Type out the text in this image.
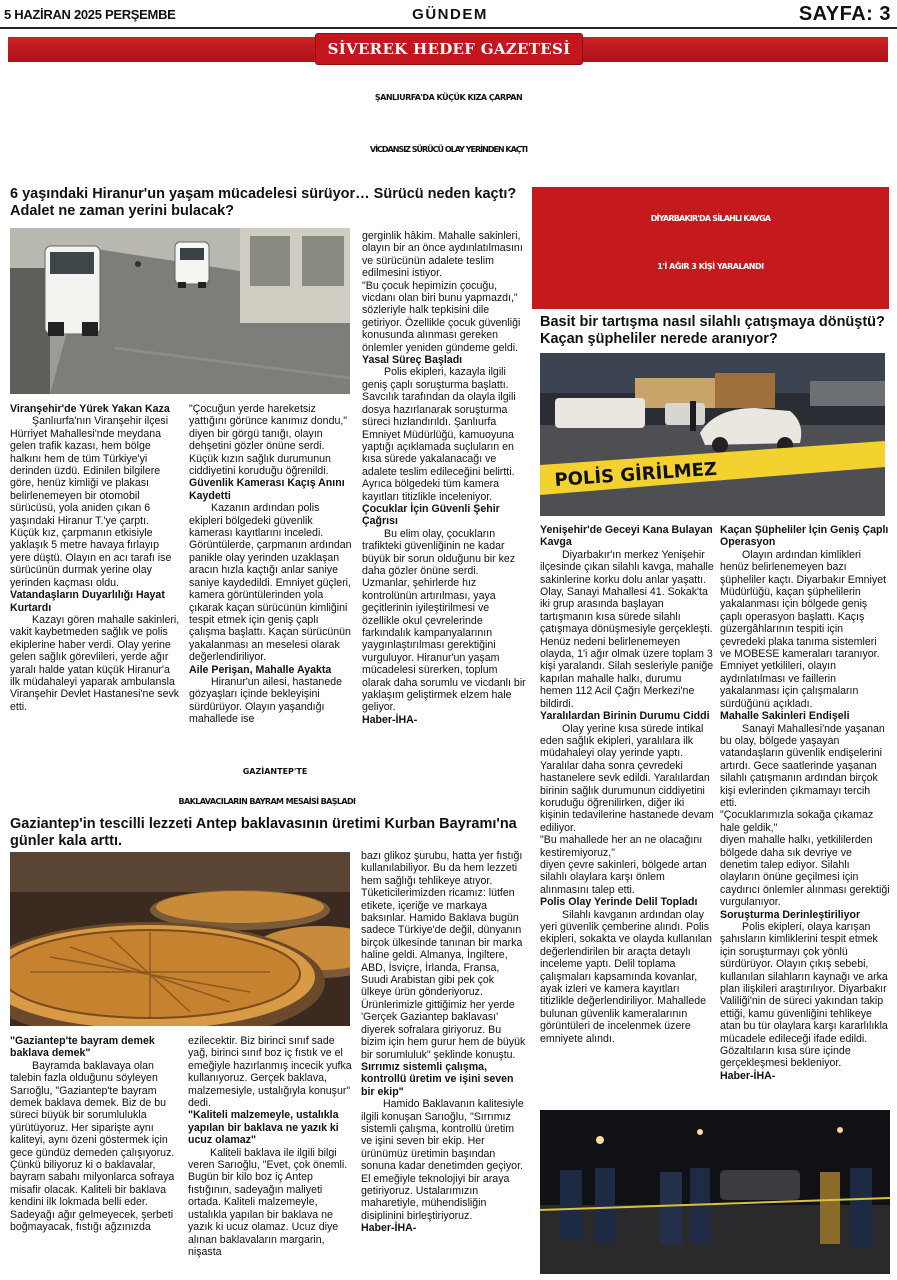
5 HAZİRAN 2025 PERŞEMBE	GÜNDEM	SAYFA: 3
SİVEREK HEDEF GAZETESİ
ŞANLIURFA'DA KÜÇÜK KIZA ÇARPAN
VİCDANSIZ SÜRÜCÜ OLAY YERİNDEN KAÇTI
6 yaşındaki Hiranur'un yaşam mücadelesi sürüyor… Sürücü neden kaçtı? Adalet ne zaman yerini bulacak?

Viranşehir'de Yürek Yakan Kaza

Şanlıurfa'nın Viranşehir ilçesi Hürriyet Mahallesi'nde meydana gelen trafik kazası, hem bölge halkını hem de tüm Türkiye'yi derinden üzdü. Edinilen bilgilere göre, henüz kimliği ve plakası belirlenemeyen bir otomobil sürücüsü, yola aniden çıkan 6 yaşındaki Hiranur T.'ye çarptı. Küçük kız, çarpmanın etkisiyle yaklaşık 5 metre havaya fırlayıp yere düştü. Olayın en acı tarafı ise sürücünün durmak yerine olay yerinden kaçması oldu.

Vatandaşların Duyarlılığı Hayat Kurtardı

Kazayı gören mahalle sakinleri, vakit kaybetmeden sağlık ve polis ekiplerine haber verdi. Olay yerine gelen sağlık görevlileri, yerde ağır yaralı halde yatan küçük Hiranur'a ilk müdahaleyi yaparak ambulansla Viranşehir Devlet Hastanesi'ne sevk etti.

"Çocuğun yerde hareketsiz yattığını görünce kanımız dondu,"

diyen bir görgü tanığı, olayın dehşetini gözler önüne serdi. Küçük kızın sağlık durumunun ciddiyetini koruduğu öğrenildi.

Güvenlik Kamerası Kaçış Anını Kaydetti

Kazanın ardından polis ekipleri bölgedeki güvenlik kamerası kayıtlarını inceledi. Görüntülerde, çarpmanın ardından panikle olay yerinden uzaklaşan aracın hızla kaçtığı anlar saniye saniye kaydedildi. Emniyet güçleri, kamera görüntülerinden yola çıkarak kaçan sürücünün kimliğini tespit etmek için geniş çaplı çalışma başlattı. Kaçan sürücünün yakalanması an meselesi olarak değerlendiriliyor.

Aile Perişan, Mahalle Ayakta

Hiranur'un ailesi, hastanede gözyaşları içinde bekleyişini sürdürüyor. Olayın yaşandığı mahallede ise

gerginlik hâkim. Mahalle sakinleri, olayın bir an önce aydınlatılmasını ve sürücünün adalete teslim edilmesini istiyor.

"Bu çocuk hepimizin çocuğu, vicdanı olan biri bunu yapmazdı,"

sözleriyle halk tepkisini dile getiriyor. Özellikle çocuk güvenliği konusunda alınması gereken önlemler yeniden gündeme geldi.

Yasal Süreç Başladı

Polis ekipleri, kazayla ilgili geniş çaplı soruşturma başlattı. Savcılık tarafından da olayla ilgili dosya hazırlanarak soruşturma süreci hızlandırıldı. Şanlıurfa Emniyet Müdürlüğü, kamuoyuna yaptığı açıklamada suçluların en kısa sürede yakalanacağı ve adalete teslim edileceğini belirtti. Ayrıca bölgedeki tüm kamera kayıtları titizlikle inceleniyor.

Çocuklar İçin Güvenli Şehir Çağrısı

Bu elim olay, çocukların trafikteki güvenliğinin ne kadar büyük bir sorun olduğunu bir kez daha gözler önüne serdi. Uzmanlar, şehirlerde hız kontrolünün artırılması, yaya geçitlerinin iyileştirilmesi ve özellikle okul çevrelerinde farkındalık kampanyalarının yaygınlaştırılması gerektiğini vurguluyor. Hiranur'un yaşam mücadelesi sürerken, toplum olarak daha sorumlu ve vicdanlı bir yaklaşım geliştirmek elzem hale geliyor.

Haber-İHA-

GAZİANTEP'TE
BAKLAVACILARIN BAYRAM MESAİSİ BAŞLADI
Gaziantep'in tescilli lezzeti Antep baklavasının üretimi Kurban Bayramı'na günler kala arttı.

"Gaziantep'te bayram demek baklava demek"

Bayramda baklavaya olan talebin fazla olduğunu söyleyen Sarıoğlu, "Gaziantep'te bayram demek baklava demek. Biz de bu süreci büyük bir sorumlulukla yürütüyoruz. Her siparişte aynı kaliteyi, aynı özeni göstermek için gece gündüz demeden çalışıyoruz. Çünkü biliyoruz ki o baklavalar, bayram sabahı milyonlarca sofraya misafir olacak. Kaliteli bir baklava kendini ilk lokmada belli eder. Sadeyağı ağır gelmeyecek, şerbeti boğmayacak, fıstığı ağzınızda

ezilecektir. Biz birinci sınıf sade yağ, birinci sınıf boz iç fıstık ve el emeğiyle hazırlanmış incecik yufka kullanıyoruz. Gerçek baklava, malzemesiyle, ustalığıyla konuşur" dedi.

"Kaliteli malzemeyle, ustalıkla yapılan bir baklava ne yazık ki ucuz olamaz"

Kaliteli baklava ile ilgili bilgi veren Sarıoğlu, "Evet, çok önemli. Bugün bir kilo boz iç Antep fıstığının, sadeyağın maliyeti ortada. Kaliteli malzemeyle, ustalıkla yapılan bir baklava ne yazık ki ucuz olamaz. Ucuz diye alınan baklavaların margarin, nişasta

bazı glikoz şurubu, hatta yer fıstığı kullanılabiliyor. Bu da hem lezzeti hem sağlığı tehlikeye atıyor. Tüketicilerimizden ricamız: lütfen etikete, içeriğe ve markaya baksınlar. Hamido Baklava bugün sadece Türkiye'de değil, dünyanın birçok ülkesinde tanınan bir marka haline geldi. Almanya, İngiltere, ABD, İsviçre, İrlanda, Fransa, Suudi Arabistan gibi pek çok ülkeye ürün gönderiyoruz. Ürünlerimizle gittiğimiz her yerde 'Gerçek Gaziantep baklavası' diyerek sofralara giriyoruz. Bu bizim için hem gurur hem de büyük bir sorumluluk" şeklinde konuştu.

Sırrımız sistemli çalışma, kontrollü üretim ve işini seven bir ekip"

Hamido Baklavanın kalitesiyle ilgili konuşan Sarıoğlu, "Sırrımız sistemli çalışma, kontrollü üretim ve işini seven bir ekip. Her ürünümüz üretimin başından sonuna kadar denetimden geçiyor. El emeğiyle teknolojiyi bir araya getiriyoruz. Ustalarımızın maharetiyle, mühendisliğin disiplinini birleştiriyoruz.

Haber-İHA-

DİYARBAKIR'DA SİLAHLI KAVGA
1'İ AĞIR 3 KİŞİ YARALANDI
Basit bir tartışma nasıl silahlı çatışmaya dönüştü? Kaçan şüpheliler nerede aranıyor?
POLİS GİRİLMEZ

Yenişehir'de Geceyi Kana Bulayan Kavga

Diyarbakır'ın merkez Yenişehir ilçesinde çıkan silahlı kavga, mahalle sakinlerine korku dolu anlar yaşattı. Olay, Sanayi Mahallesi 41. Sokak'ta iki grup arasında başlayan tartışmanın kısa sürede silahlı çatışmaya dönüşmesiyle gerçekleşti. Henüz nedeni belirlenemeyen olayda, 1'i ağır olmak üzere toplam 3 kişi yaralandı. Silah sesleriyle paniğe kapılan mahalle halkı, durumu hemen 112 Acil Çağrı Merkezi'ne bildirdi.

Yaralılardan Birinin Durumu Ciddi

Olay yerine kısa sürede intikal eden sağlık ekipleri, yaralılara ilk müdahaleyi olay yerinde yaptı. Yaralılar daha sonra çevredeki hastanelere sevk edildi. Yaralılardan birinin sağlık durumunun ciddiyetini koruduğu öğrenilirken, diğer iki kişinin tedavilerine hastanede devam ediliyor.

"Bu mahallede her an ne olacağını kestiremiyoruz,"

diyen çevre sakinleri, bölgede artan silahlı olaylara karşı önlem alınmasını talep etti.

Polis Olay Yerinde Delil Topladı

Silahlı kavganın ardından olay yeri güvenlik çemberine alındı. Polis ekipleri, sokakta ve olayda kullanılan değerlendirilen bir araçta detaylı inceleme yaptı. Delil toplama çalışmaları kapsamında kovanlar, ayak izleri ve kamera kayıtları titizlikle değerlendiriliyor. Mahallede bulunan güvenlik kameralarının görüntüleri de incelenmek üzere emniyete alındı.

Kaçan Şüpheliler İçin Geniş Çaplı Operasyon

Olayın ardından kimlikleri henüz belirlenemeyen bazı şüpheliler kaçtı. Diyarbakır Emniyet Müdürlüğü, kaçan şüphelilerin yakalanması için bölgede geniş çaplı operasyon başlattı. Kaçış güzergâhlarının tespiti için çevredeki plaka tanıma sistemleri ve MOBESE kameraları taranıyor. Emniyet yetkilileri, olayın aydınlatılması ve faillerin yakalanması için çalışmaların sürdüğünü açıkladı.

Mahalle Sakinleri Endişeli

Sanayi Mahallesi'nde yaşanan bu olay, bölgede yaşayan vatandaşların güvenlik endişelerini artırdı. Gece saatlerinde yaşanan silahlı çatışmanın ardından birçok kişi evlerinden çıkmamayı tercih etti.

"Çocuklarımızla sokağa çıkamaz hale geldik,"

diyen mahalle halkı, yetkililerden bölgede daha sık devriye ve denetim talep ediyor. Silahlı olayların önüne geçilmesi için caydırıcı önlemler alınması gerektiği vurgulanıyor.

Soruşturma Derinleştiriliyor

Polis ekipleri, olaya karışan şahısların kimliklerini tespit etmek için soruşturmayı çok yönlü sürdürüyor. Olayın çıkış sebebi, kullanılan silahların kaynağı ve arka plan ilişkileri araştırılıyor. Diyarbakır Valiliği'nin de süreci yakından takip ettiği, kamu güvenliğini tehlikeye atan bu tür olaylara karşı kararlılıkla mücadele edileceği ifade edildi. Gözaltıların kısa süre içinde gerçekleşmesi bekleniyor.

Haber-İHA-
